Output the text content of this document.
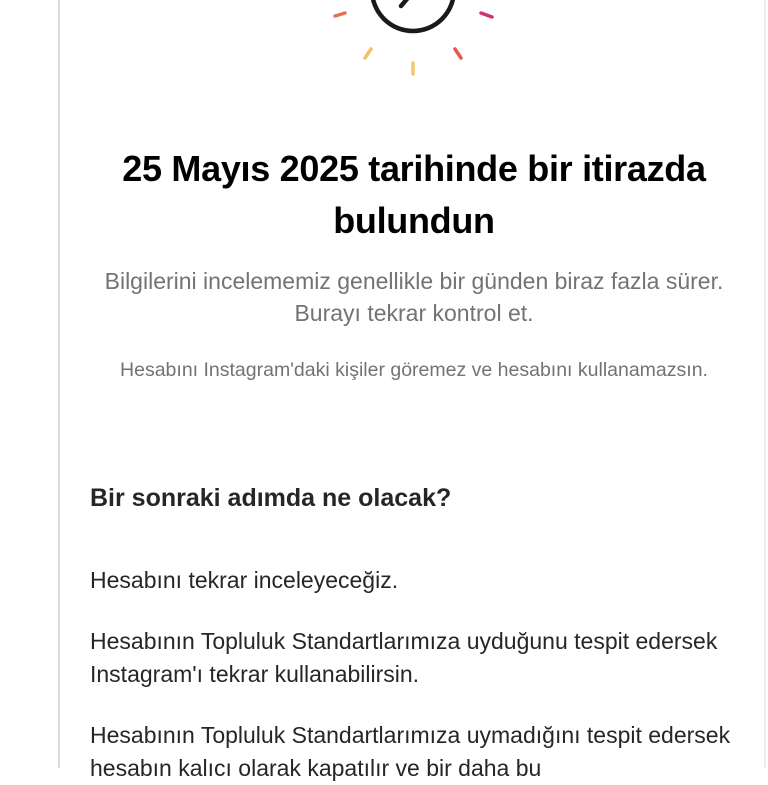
25 Mayıs 2025 tarihinde bir itirazda bulundun
Bilgilerini incelememiz genellikle bir günden biraz fazla sürer. Burayı tekrar kontrol et.
Hesabını Instagram'daki kişiler göremez ve hesabını kullanamazsın.
Bir sonraki adımda ne olacak?
Hesabını tekrar inceleyeceğiz.
Hesabının Topluluk Standartlarımıza uyduğunu tespit edersek Instagram'ı tekrar kullanabilirsin.
Hesabının Topluluk Standartlarımıza uymadığını tespit edersek hesabın kalıcı olarak kapatılır ve bir daha bu
